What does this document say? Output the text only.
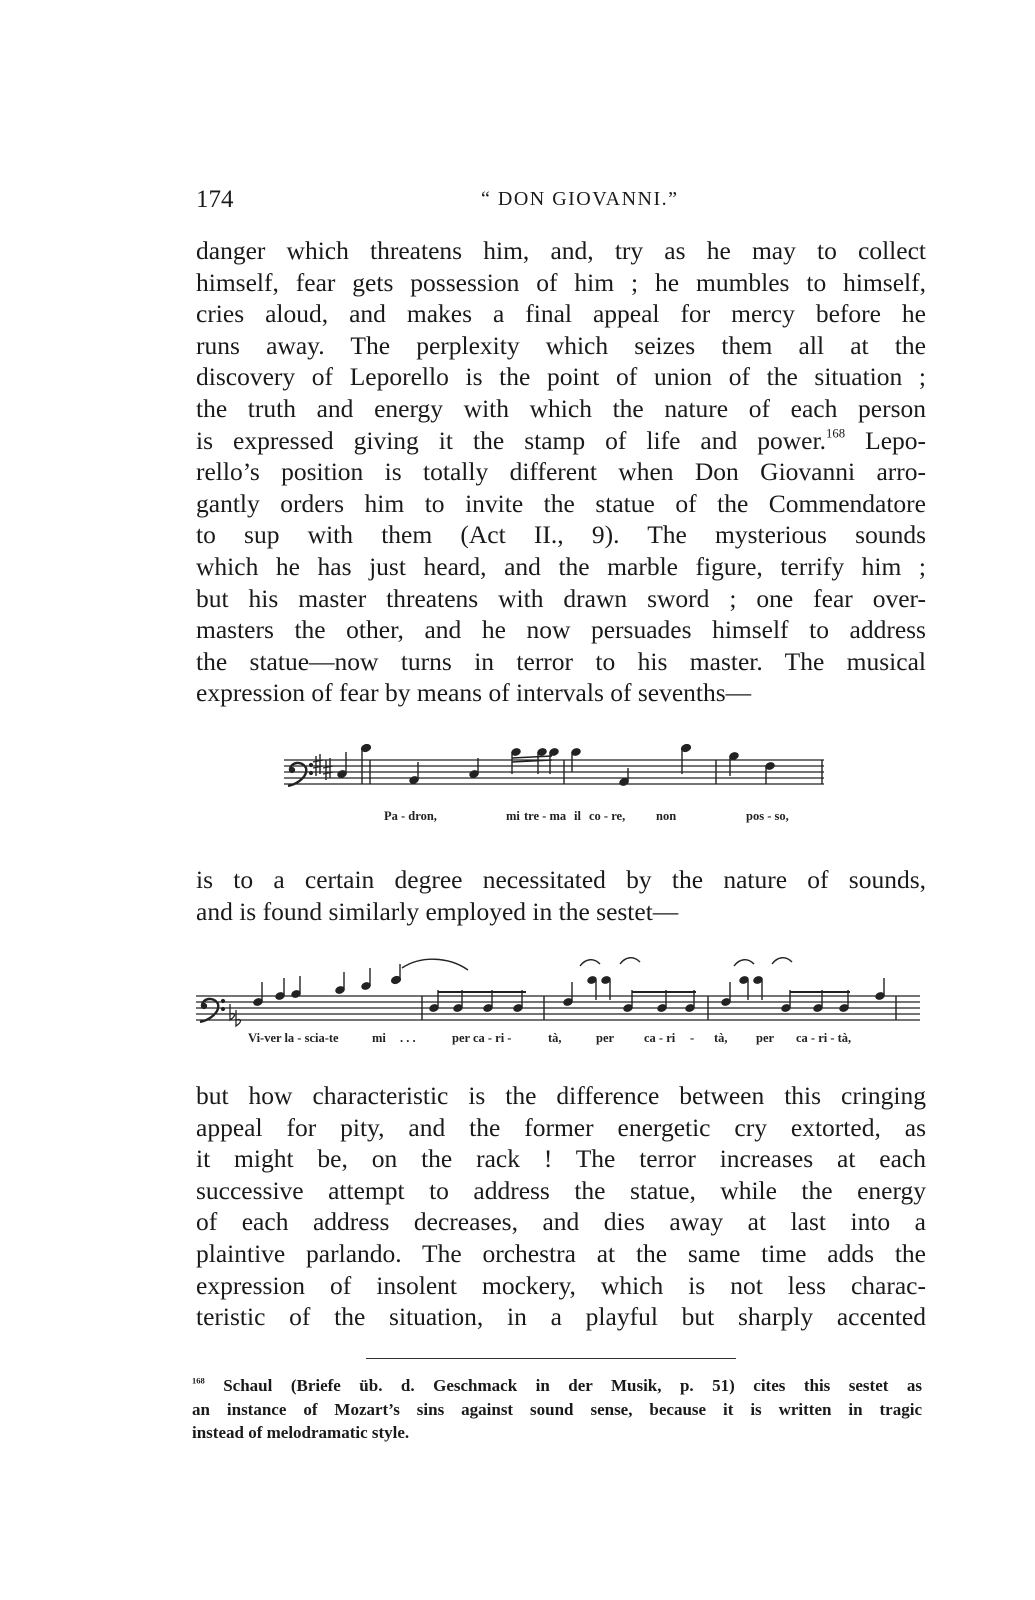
174	“ DON GIOVANNI.”

danger which threatens him, and, try as he may to collect
himself, fear gets possession of him ; he mumbles to himself,
cries aloud, and makes a final appeal for mercy before he
runs away. The perplexity which seizes them all at the
discovery of Leporello is the point of union of the situation ;
the truth and energy with which the nature of each person
is expressed giving it the stamp of life and power.$^{168}$ Lepo-
rello’s position is totally different when Don Giovanni arro-
gantly orders him to invite the statue of the Commendatore
to sup with them (Act II., 9). The mysterious sounds
which he has just heard, and the marble figure, terrify him ;
but his master threatens with drawn sword ; one fear over-
masters the other, and he now persuades himself to address
the statue—now turns in terror to his master. The musical
expression of fear by means of intervals of sevenths—

Pa - dron,	mi tre - ma il co - re, non	pos - so,

is to a certain degree necessitated by the nature of sounds,
and is found similarly employed in the sestet—

Vi-ver la - scia-te	mi . . .	per ca - ri -	tà,	per ca - ri - tà, per ca - ri - tà,

but how characteristic is the difference between this cringing
appeal for pity, and the former energetic cry extorted, as
it might be, on the rack ! The terror increases at each
successive attempt to address the statue, while the energy
of each address decreases, and dies away at last into a
plaintive parlando. The orchestra at the same time adds the
expression of insolent mockery, which is not less charac-
teristic of the situation, in a playful but sharply accented

$^{168}$ Schaul (Briefe üb. d. Geschmack in der Musik, p. 51) cites this sestet as
an instance of Mozart’s sins against sound sense, because it is written in tragic
instead of melodramatic style.
